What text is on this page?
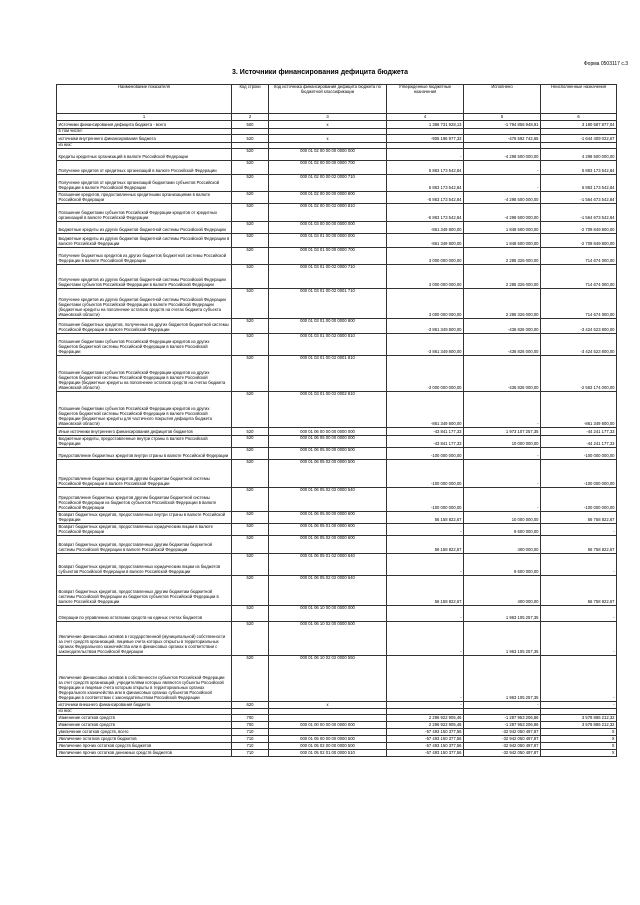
Форма 0503117 с.3
3. Источники финансирования дефицита бюджета
Наименование показателя	Код строки	Код источника финансирования дефицита бюджета по бюджетной классификации	Утвержденные бюджетные назначения	Исполнено	Неисполненные назначения
1	2	3	4	5	6
Источники финансирования дефицита бюджета - всего	500	x	1 386 731 928,13	-1 794 856 948,91	3 180 587 877,04
в том числе:					
источники внутреннего финансирования бюджета	520	x	-905 196 977,33	-476 592 742,65	-1 644 409 022,67
из них:					
Кредиты кредитных организаций в валюте Российской Федерации	520	000 01 02 00 00 00 0000 000	-	-4 298 500 000,00	4 298 500 000,00
Получение кредитов от кредитных организаций в валюте Российской Федерации	520	000 01 02 00 00 00 0000 700	5 863 173 542,84	-	5 863 173 542,84
Получение кредитов от кредитных организаций бюджетами субъектов Российской Федерации в валюте Российской Федерации	520	000 01 02 00 00 02 0000 710	5 863 173 542,84	-	5 863 173 542,84
Погашение кредитов, предоставленных кредитными организациями в валюте Российской Федерации	520	000 01 02 00 00 00 0000 800	-5 863 173 542,84	-4 298 500 000,00	-1 564 673 542,84
Погашение бюджетами субъектов Российской Федерации кредитов от кредитных организаций в валюте Российской Федерации	520	000 01 02 00 00 02 0000 810	-5 863 173 542,84	-4 298 500 000,00	-1 564 673 542,84
Бюджетные кредиты из других бюджетов бюджетной системы Российской Федерации	520	000 01 03 00 00 00 0000 000	-861 349 800,00	1 848 500 000,00	-2 709 849 800,00
Бюджетные кредиты из других бюджетов бюджетной системы Российской Федерации в валюте Российской Федерации	520	000 01 03 01 00 00 0000 000	-861 349 800,00	1 848 500 000,00	-2 709 849 800,00
Получение бюджетных кредитов из других бюджетов бюджетной системы Российской Федерации в валюте Российской Федерации	520	000 01 03 01 00 00 0000 700	3 000 000 000,00	2 285 326 000,00	714 674 000,00
Получение кредитов из других бюджетов бюджетной системы Российской Федерации бюджетами субъектов Российской Федерации в валюте Российской Федерации	520	000 01 03 01 00 02 0000 710	3 000 000 000,00	2 285 326 000,00	714 674 000,00
Получение кредитов из других бюджетов бюджетной системы Российской Федерации бюджетами субъектов Российской Федерации в валюте Российской Федерации (бюджетные кредиты на пополнение остатков средств на счетах бюджета субъекта Ивановской области)	520	000 01 03 01 00 02 0001 710	3 000 000 000,00	2 285 326 000,00	714 674 000,00
Погашение бюджетных кредитов, полученных из других бюджетов бюджетной системы Российской Федерации в валюте Российской Федерации	520	000 01 03 01 00 00 0000 800	-3 861 349 800,00	-436 826 000,00	-3 424 523 800,00
Погашение бюджетами субъектов Российской Федерации кредитов из других бюджетов бюджетной системы Российской Федерации в валюте Российской Федерации	520	000 01 03 01 00 02 0000 810	-3 861 349 800,00	-436 826 000,00	-3 424 523 800,00
Погашение бюджетами субъектов Российской Федерации кредитов из других бюджетов бюджетной системы Российской Федерации в валюте Российской Федерации (бюджетные кредиты на пополнение остатков средств на счетах бюджета Ивановской области)	520	000 01 03 01 00 02 0001 810	-3 000 000 000,00	-436 826 000,00	-2 563 174 000,00
Погашение бюджетами субъектов Российской Федерации кредитов из других бюджетов бюджетной системы Российской Федерации в валюте Российской Федерации (бюджетные кредиты для частичного покрытия дефицита бюджета Ивановской области)	520	000 01 03 01 00 02 0002 810	-861 349 800,00	-	-861 349 800,00
Иные источники внутреннего финансирования дефицитов бюджетов	520	000 01 06 00 00 00 0000 000	-43 841 177,33	1 973 107 257,35	-44 241 177,33
Бюджетные кредиты, предоставленные внутри страны в валюте Российской Федерации	520	000 01 06 05 00 00 0000 000	-43 841 177,33	10 000 000,00	-44 241 177,33
Предоставление бюджетных кредитов внутри страны в валюте Российской Федерации	520	000 01 06 05 00 00 0000 500	-100 000 000,00	-	-100 000 000,00
Предоставление бюджетных кредитов другим бюджетам бюджетной системы Российской Федерации в валюте Российской Федерации	520	000 01 06 05 02 00 0000 500	-100 000 000,00	-	-100 000 000,00
Предоставление бюджетных кредитов другим бюджетам бюджетной системы Российской Федерации из бюджетов субъектов Российской Федерации в валюте Российской Федерации	520	000 01 06 05 02 02 0000 540	-100 000 000,00	-	-100 000 000,00
Возврат бюджетных кредитов, предоставленных внутри страны в валюте Российской Федерации	520	000 01 06 05 00 00 0000 600	56 158 822,67	10 000 000,00	56 758 822,67
Возврат бюджетных кредитов, предоставленных юридическим лицам в валюте Российской Федерации	520	000 01 06 05 01 00 0000 600	-	9 600 000,00	-
Возврат бюджетных кредитов, предоставленных другим бюджетам бюджетной системы Российской Федерации в валюте Российской Федерации	520	000 01 06 05 02 00 0000 600	56 158 822,67	400 000,00	56 758 822,67
Возврат бюджетных кредитов, предоставленных юридическим лицам из бюджетов субъектов Российской Федерации в валюте Российской Федерации	520	000 01 06 05 01 02 0000 640	-	9 600 000,00	-
Возврат бюджетных кредитов, предоставленных другим бюджетам бюджетной системы Российской Федерации из бюджетов субъектов Российской Федерации в валюте Российской Федерации	520	000 01 06 05 02 02 0000 640	56 158 822,67	400 000,00	56 758 822,67
Операции по управлению остатками средств на единых счетах бюджетов	520	000 01 06 10 00 00 0000 000	-	1 963 105 257,35	-
Увеличение финансовых активов в государственной (муниципальной) собственности за счет средств организаций, лицевые счета которых открыты в территориальных органах Федерального казначейства или в финансовых органах в соответствии с законодательством Российской Федерации	520	000 01 06 10 02 00 0000 500	-	1 963 105 257,35	-
Увеличение финансовых активов в собственности субъектов Российской Федерации за счет средств организаций, учредителями которых являются субъекты Российской Федерации и лицевые счета которым открыты в территориальных органах Федерального казначейства или в финансовых органах субъектов Российской Федерации в соответствии с законодательством Российской Федерации	520	000 01 06 10 02 02 0000 550	-	1 963 105 257,35	-
источники внешнего финансирования бюджета	620	x	-	-	-
из них:					
Изменение остатков средств	700		2 296 922 905,46	-1 287 953 206,86	3 578 886 212,32
Изменение остатков средств	700	000 01 00 00 00 00 0000 000	2 296 922 905,46	-1 287 953 206,86	3 578 886 212,32
увеличение остатков средств, всего	710		-57 493 150 377,56	-32 942 050 497,87	X
Увеличение остатков средств бюджетов	710	000 01 05 00 00 00 0000 500	-57 493 150 377,56	-32 942 050 497,87	X
Увеличение прочих остатков средств бюджетов	710	000 01 05 02 00 00 0000 500	-57 493 150 377,56	-32 942 050 497,87	X
Увеличение прочих остатков денежных средств бюджетов	710	000 01 05 02 01 00 0000 510	-57 493 150 377,56	-32 942 050 497,87	X
